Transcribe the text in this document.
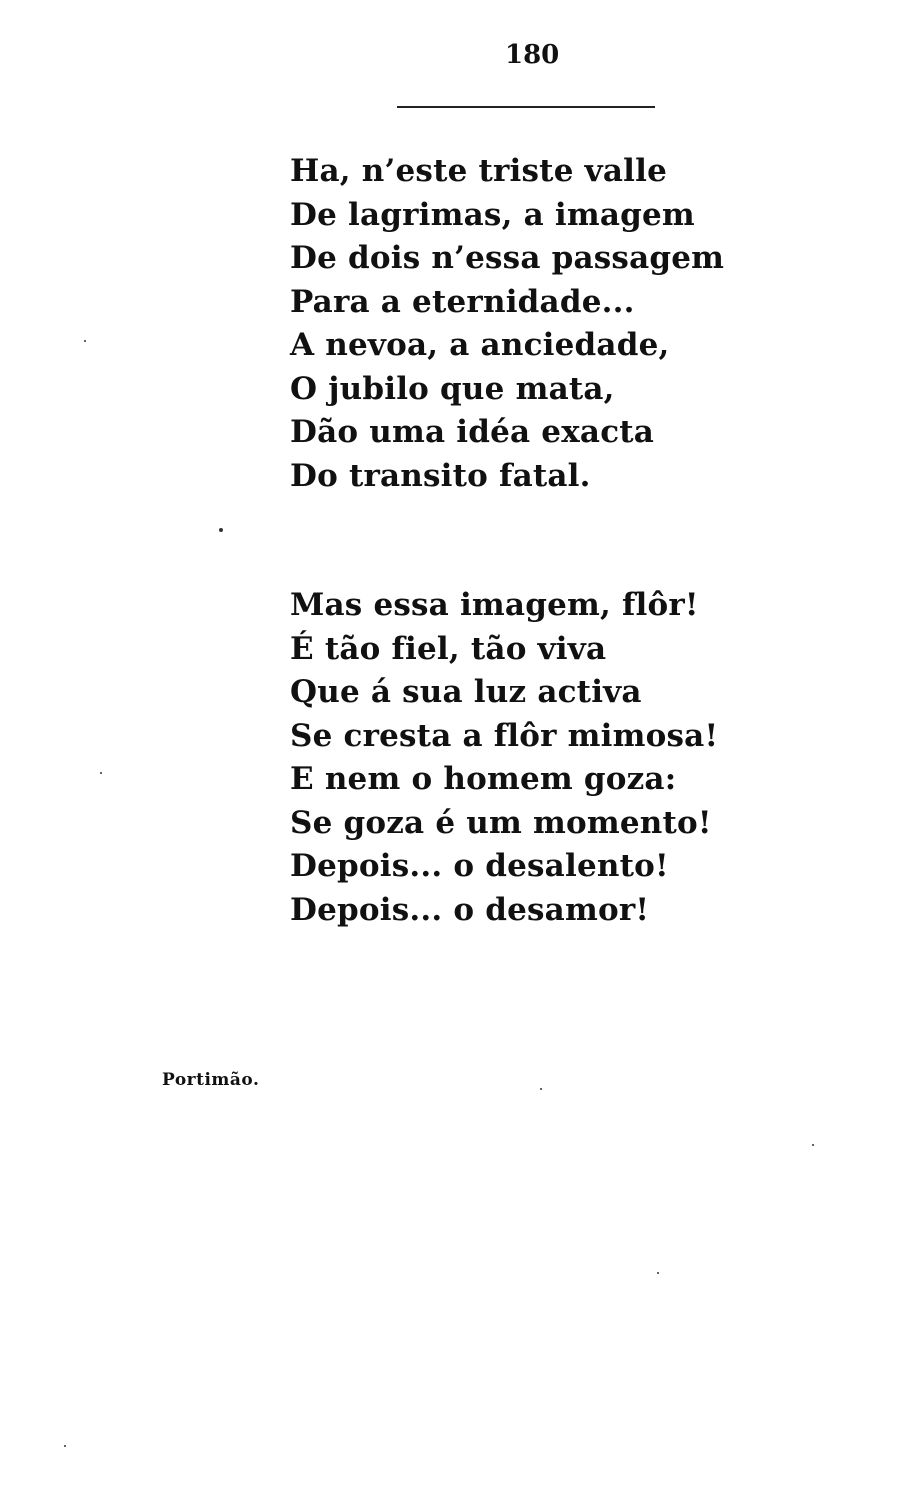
180
Ha, n’este triste valle
De lagrimas, a imagem
De dois n’essa passagem
Para a eternidade...
A nevoa, a anciedade,
O jubilo que mata,
Dão uma idéa exacta
Do transito fatal.
Mas essa imagem, flôr!
É tão fiel, tão viva
Que á sua luz activa
Se cresta a flôr mimosa!
E nem o homem goza:
Se goza é um momento!
Depois... o desalento!
Depois... o desamor!
Portimão.
